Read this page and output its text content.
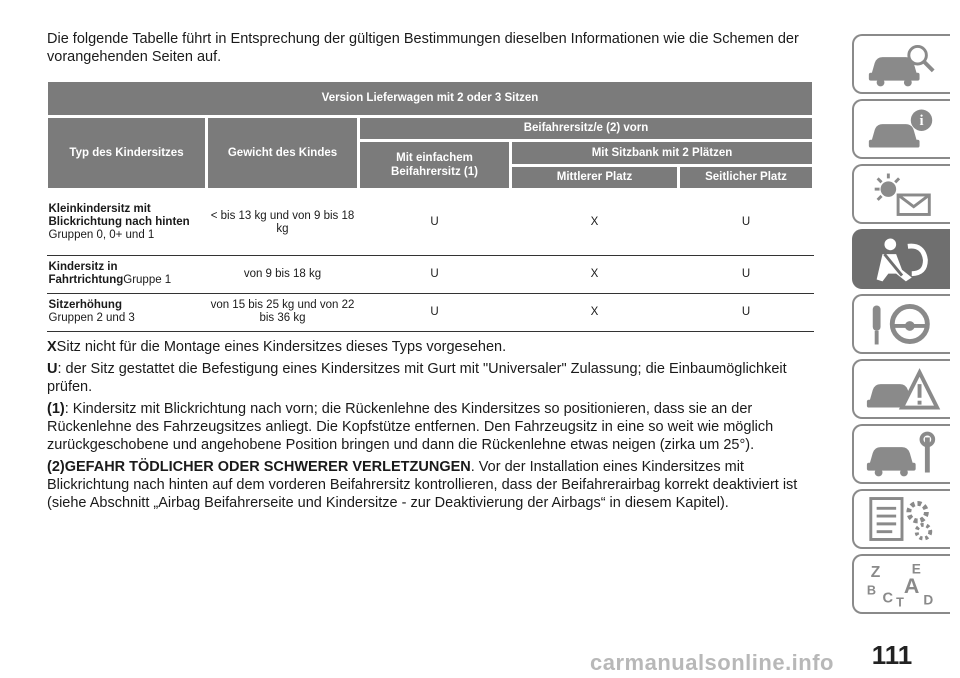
Die folgende Tabelle führt in Entsprechung der gültigen Bestimmungen dieselben Informationen wie die Schemen der vorangehenden Seiten auf.
Version Lieferwagen mit 2 oder 3 Sitzen				
Typ des Kindersitzes	Gewicht des Kindes	Beifahrersitz/e (2) vorn		
		Mit einfachem Beifahrersitz (1)	Mit Sitzbank mit 2 Plätzen	
			Mittlerer Platz	Seitlicher Platz
Kleinkindersitz mit Blickrichtung nach hinten
Gruppen 0, 0+ und 1	< bis 13 kg und von 9 bis 18 kg	U	X	U
Kindersitz in FahrtrichtungGruppe 1	von 9 bis 18 kg	U	X	U
Sitzerhöhung
Gruppen 2 und 3	von 15 bis 25 kg und von 22 bis 36 kg	U	X	U

XSitz nicht für die Montage eines Kindersitzes dieses Typs vorgesehen.

U: der Sitz gestattet die Befestigung eines Kindersitzes mit Gurt mit "Universaler" Zulassung; die Einbaumöglichkeit prüfen.

(1): Kindersitz mit Blickrichtung nach vorn; die Rückenlehne des Kindersitzes so positionieren, dass sie an der Rückenlehne des Fahrzeugsitzes anliegt. Die Kopfstütze entfernen. Den Fahrzeugsitz in eine so weit wie möglich zurückgeschobene und angehobene Position bringen und dann die Rückenlehne etwas neigen (zirka um 25°).

(2)GEFAHR TÖDLICHER ODER SCHWERER VERLETZUNGEN. Vor der Installation eines Kindersitzes mit Blickrichtung nach hinten auf dem vorderen Beifahrersitz kontrollieren, dass der Beifahrerairbag korrekt deaktiviert ist (siehe Abschnitt „Airbag Beifahrerseite und Kindersitze - zur Deaktivierung der Airbags“ in diesem Kapitel).

i
Z E
B A
C D
T
111
carmanualsonline.info
